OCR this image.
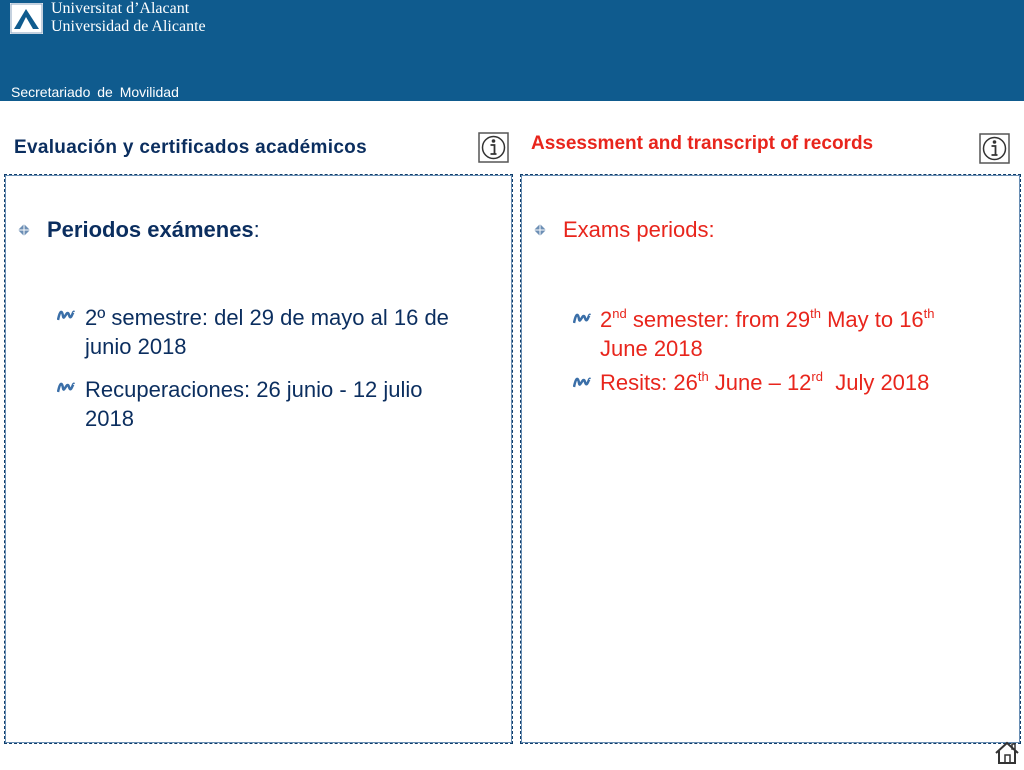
Universitat d’Alacant
Universidad de Alicante
Secretariado de Movilidad
Evaluación y certificados académicos	Assessment and transcript of records
Periodos exámenes:
2º semestre: del 29 de mayo al 16 de
junio 2018
Recuperaciones: 26 junio - 12 julio
2018
Exams periods:
2nd semester: from 29th May to 16th
June 2018
Resits: 26th June – 12rd  July 2018
